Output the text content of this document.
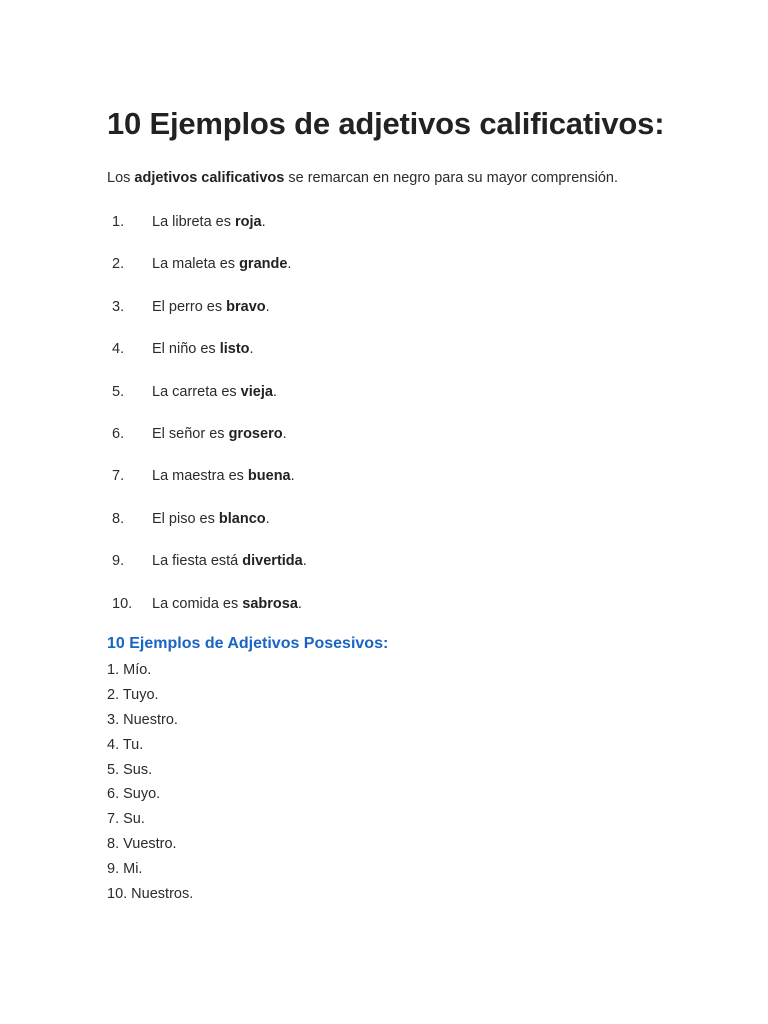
10 Ejemplos de adjetivos calificativos:

Los adjetivos calificativos se remarcan en negro para su mayor comprensión.

1.	La libreta es roja.
2.	La maleta es grande.
3.	El perro es bravo.
4.	El niño es listo.
5.	La carreta es vieja.
6.	El señor es grosero.
7.	La maestra es buena.
8.	El piso es blanco.
9.	La fiesta está divertida.
10.	La comida es sabrosa.
10 Ejemplos de Adjetivos Posesivos:
1. Mío.
2. Tuyo.
3. Nuestro.
4. Tu.
5. Sus.
6. Suyo.
7. Su.
8. Vuestro.
9. Mi.
10. Nuestros.
